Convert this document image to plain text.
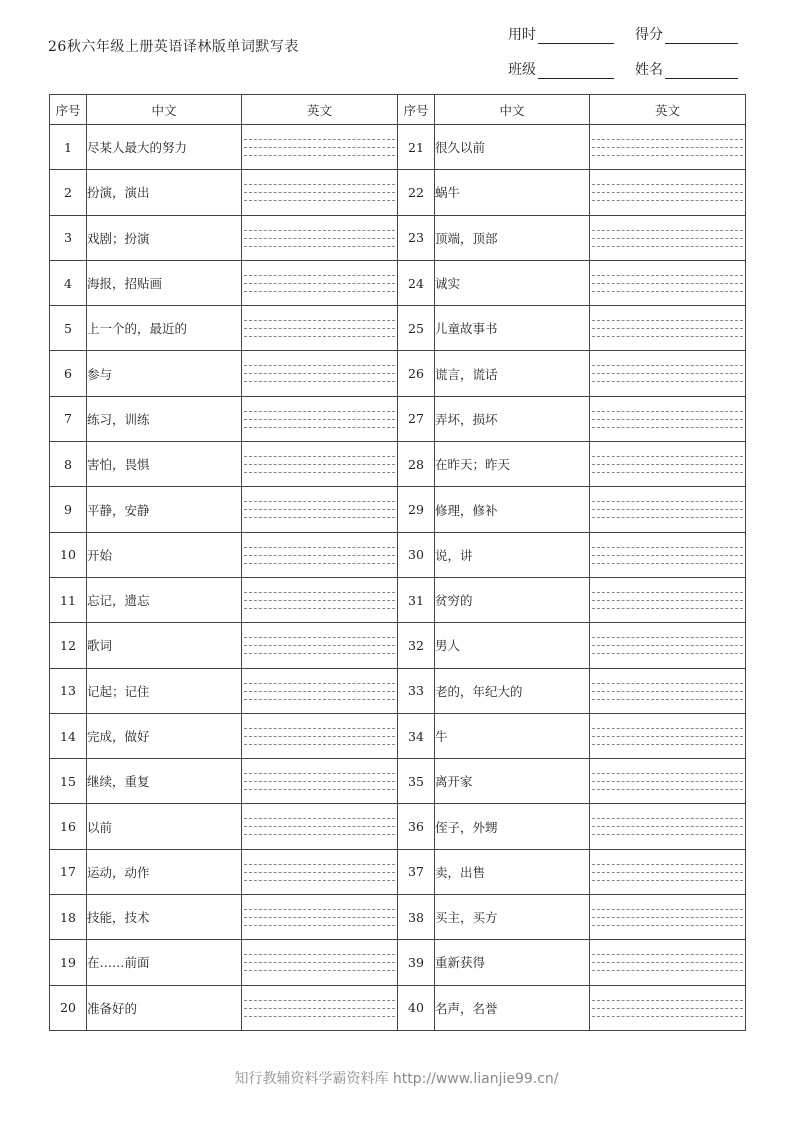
26秋六年级上册英语译林版单词默写表
用时	得分
班级	姓名
序号	中文	英文	序号	中文	英文
1	尽某人最大的努力		21	很久以前	

2	扮演，演出		22	蜗牛	

3	戏剧；扮演		23	顶端，顶部	

4	海报，招贴画		24	诚实	

5	上一个的，最近的		25	儿童故事书	

6	参与		26	谎言，谎话	

7	练习，训练		27	弄坏，损坏	

8	害怕，畏惧		28	在昨天；昨天	

9	平静，安静		29	修理，修补	

10	开始		30	说，讲	

11	忘记，遗忘		31	贫穷的	

12	歌词		32	男人	

13	记起；记住		33	老的，年纪大的	

14	完成，做好		34	牛	

15	继续，重复		35	离开家	

16	以前		36	侄子，外甥	

17	运动，动作		37	卖，出售	

18	技能，技术		38	买主，买方	

19	在……前面		39	重新获得	

20	准备好的		40	名声，名誉	
知行教辅资料学霸资料库 http://www.lianjie99.cn/
